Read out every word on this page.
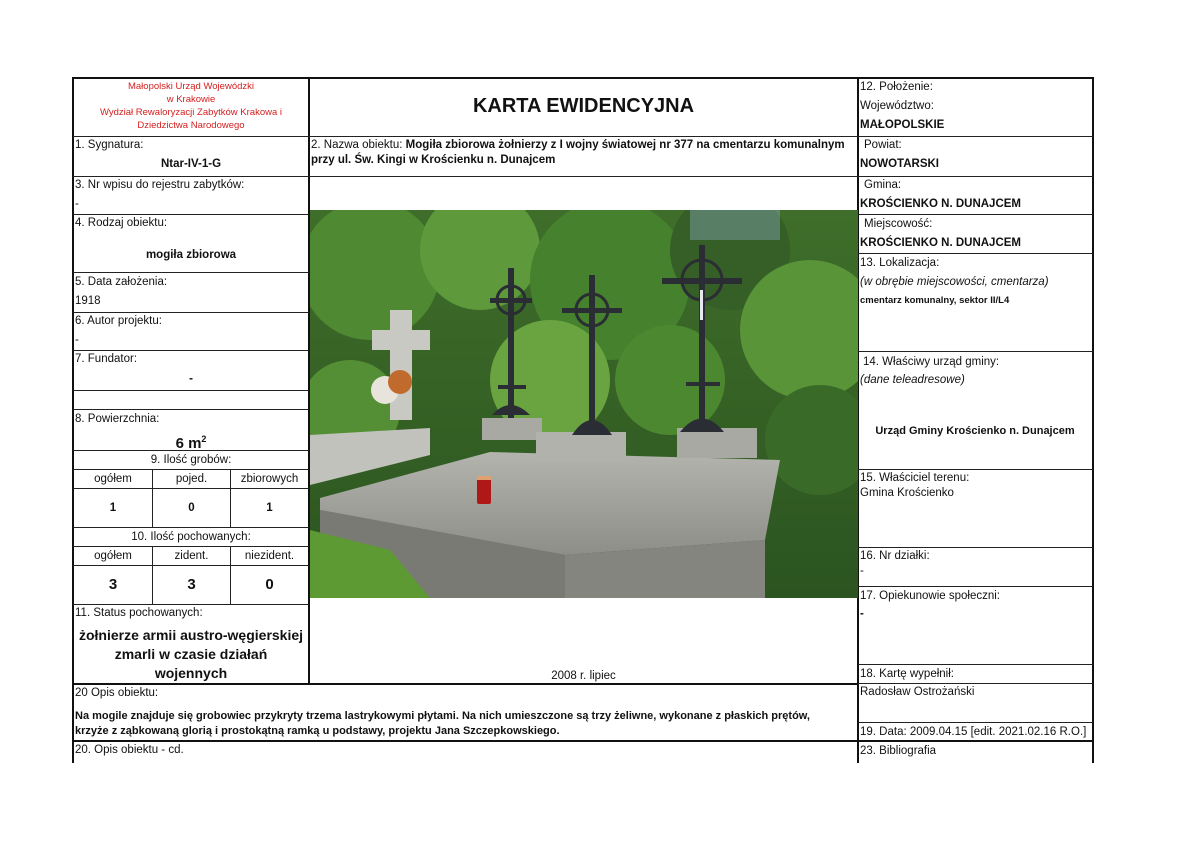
Małopolski Urząd Wojewódzki
w Krakowie
Wydział Rewaloryzacji Zabytków Krakowa i
Dziedzictwa Narodowego
1. Sygnatura:
Ntar-IV-1-G
3. Nr wpisu do rejestru zabytków:
-
4. Rodzaj obiektu:
mogiła zbiorowa
5. Data założenia:
1918
6. Autor projektu:
-
7. Fundator:
-
8. Powierzchnia:
6 $m^2$
9. Ilość grobów:
ogółem	pojed.	zbiorowych
1	0	1
10. Ilość pochowanych:
ogółem	zident.	niezident.
3	3	0
11. Status pochowanych:
żołnierze armii austro-węgierskiej
zmarli w czasie działań
wojennych
KARTA EWIDENCYJNA
2. Nazwa obiektu: Mogiła zbiorowa żołnierzy z I wojny światowej nr 377 na cmentarzu komunalnym
przy ul. Św. Kingi w Krościenku n. Dunajcem
2008 r. lipiec
12. Położenie:
Województwo:
MAŁOPOLSKIE
Powiat:
NOWOTARSKI
Gmina:
KROŚCIENKO N. DUNAJCEM
Miejscowość:
KROŚCIENKO N. DUNAJCEM
13. Lokalizacja:
(w obrębie miejscowości, cmentarza)
cmentarz komunalny, sektor II/L4
14. Właściwy urząd gminy:
(dane teleadresowe)
Urząd Gminy Krościenko n. Dunajcem
15. Właściciel terenu:
Gmina Krościenko
16. Nr działki:
-
17. Opiekunowie społeczni:
-
18. Kartę wypełnił:
Radosław Ostrożański
19. Data: 2009.04.15 [edit. 2021.02.16 R.O.]
23. Bibliografia
20 Opis obiektu:
Na mogile znajduje się grobowiec przykryty trzema lastrykowymi płytami. Na nich umieszczone są trzy żeliwne, wykonane z płaskich prętów,
krzyże z ząbkowaną glorią i prostokątną ramką u podstawy, projektu Jana Szczepkowskiego.
20. Opis obiektu - cd.
